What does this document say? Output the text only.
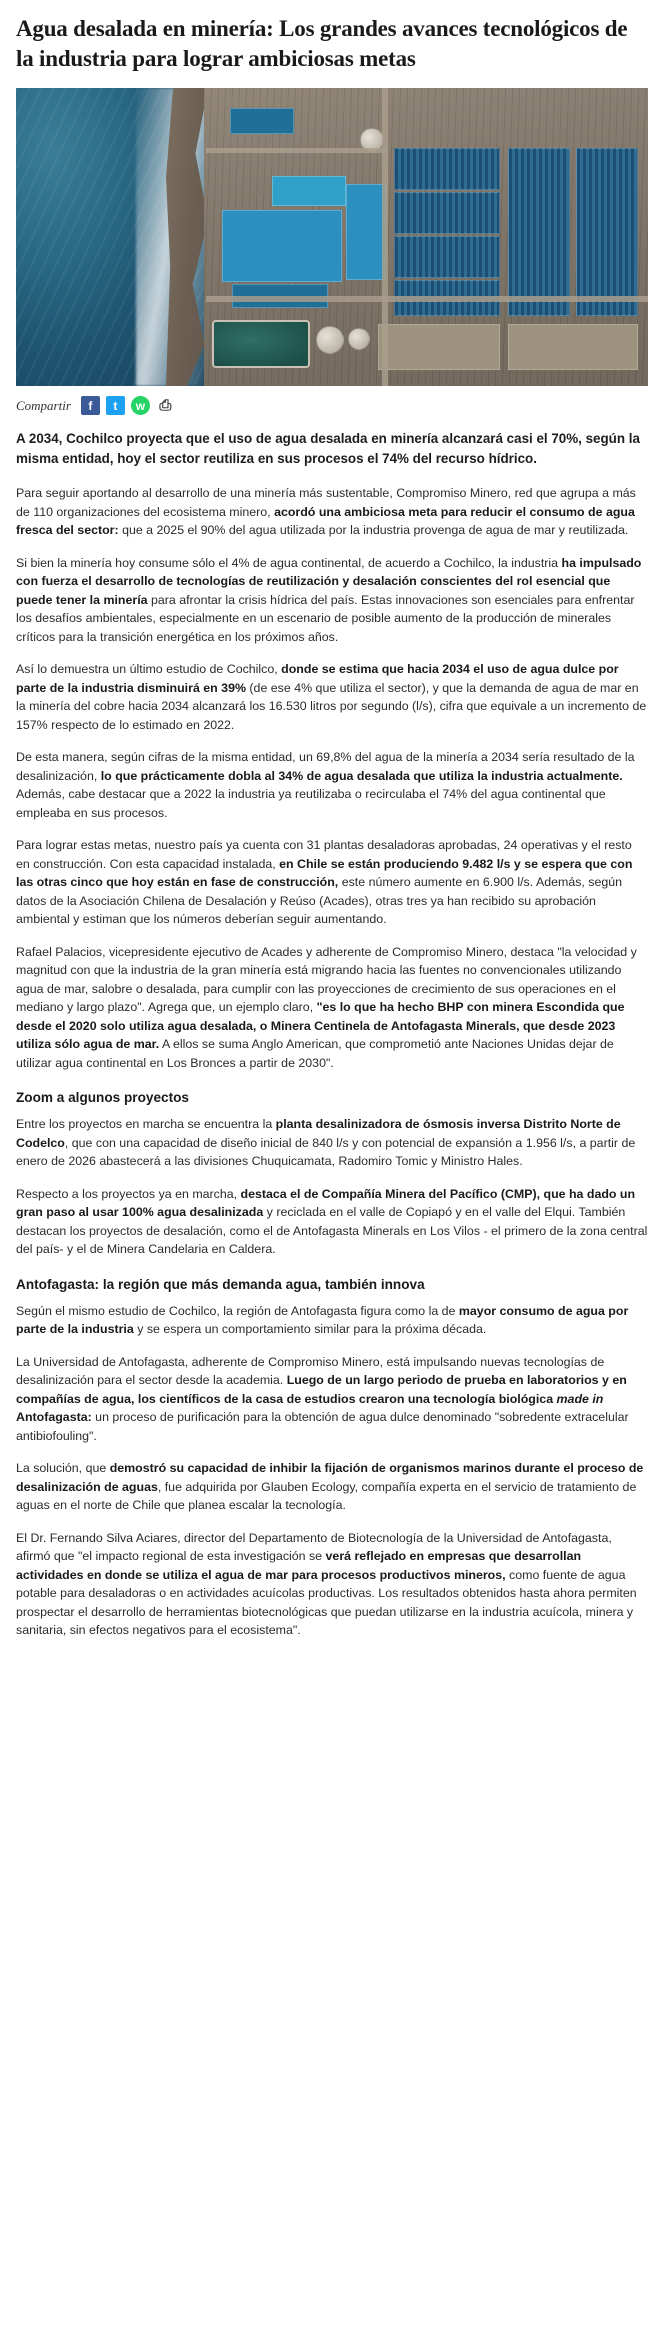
Agua desalada en minería: Los grandes avances tecnológicos de la industria para lograr ambiciosas metas
Compartir	f	t	w ⎙

A 2034, Cochilco proyecta que el uso de agua desalada en minería alcanzará casi el 70%, según la misma entidad, hoy el sector reutiliza en sus procesos el 74% del recurso hídrico.

Para seguir aportando al desarrollo de una minería más sustentable, Compromiso Minero, red que agrupa a más de 110 organizaciones del ecosistema minero, acordó una ambiciosa meta para reducir el consumo de agua fresca del sector: que a 2025 el 90% del agua utilizada por la industria provenga de agua de mar y reutilizada.

Si bien la minería hoy consume sólo el 4% de agua continental, de acuerdo a Cochilco, la industria ha impulsado con fuerza el desarrollo de tecnologías de reutilización y desalación conscientes del rol esencial que puede tener la minería para afrontar la crisis hídrica del país. Estas innovaciones son esenciales para enfrentar los desafíos ambientales, especialmente en un escenario de posible aumento de la producción de minerales críticos para la transición energética en los próximos años.

Así lo demuestra un último estudio de Cochilco, donde se estima que hacia 2034 el uso de agua dulce por parte de la industria disminuirá en 39% (de ese 4% que utiliza el sector), y que la demanda de agua de mar en la minería del cobre hacia 2034 alcanzará los 16.530 litros por segundo (l/s), cifra que equivale a un incremento de 157% respecto de lo estimado en 2022.

De esta manera, según cifras de la misma entidad, un 69,8% del agua de la minería a 2034 sería resultado de la desalinización, lo que prácticamente dobla al 34% de agua desalada que utiliza la industria actualmente. Además, cabe destacar que a 2022 la industria ya reutilizaba o recirculaba el 74% del agua continental que empleaba en sus procesos.

Para lograr estas metas, nuestro país ya cuenta con 31 plantas desaladoras aprobadas, 24 operativas y el resto en construcción. Con esta capacidad instalada, en Chile se están produciendo 9.482 l/s y se espera que con las otras cinco que hoy están en fase de construcción, este número aumente en 6.900 l/s. Además, según datos de la Asociación Chilena de Desalación y Reúso (Acades), otras tres ya han recibido su aprobación ambiental y estiman que los números deberían seguir aumentando.

Rafael Palacios, vicepresidente ejecutivo de Acades y adherente de Compromiso Minero, destaca "la velocidad y magnitud con que la industria de la gran minería está migrando hacia las fuentes no convencionales utilizando agua de mar, salobre o desalada, para cumplir con las proyecciones de crecimiento de sus operaciones en el mediano y largo plazo". Agrega que, un ejemplo claro, "es lo que ha hecho BHP con minera Escondida que desde el 2020 solo utiliza agua desalada, o Minera Centinela de Antofagasta Minerals, que desde 2023 utiliza sólo agua de mar. A ellos se suma Anglo American, que comprometió ante Naciones Unidas dejar de utilizar agua continental en Los Bronces a partir de 2030".

Zoom a algunos proyectos

Entre los proyectos en marcha se encuentra la planta desalinizadora de ósmosis inversa Distrito Norte de Codelco, que con una capacidad de diseño inicial de 840 l/s y con potencial de expansión a 1.956 l/s, a partir de enero de 2026 abastecerá a las divisiones Chuquicamata, Radomiro Tomic y Ministro Hales.

Respecto a los proyectos ya en marcha, destaca el de Compañía Minera del Pacífico (CMP), que ha dado un gran paso al usar 100% agua desalinizada y reciclada en el valle de Copiapó y en el valle del Elqui. También destacan los proyectos de desalación, como el de Antofagasta Minerals en Los Vilos - el primero de la zona central del país- y el de Minera Candelaria en Caldera.

Antofagasta: la región que más demanda agua, también innova

Según el mismo estudio de Cochilco, la región de Antofagasta figura como la de mayor consumo de agua por parte de la industria y se espera un comportamiento similar para la próxima década.

La Universidad de Antofagasta, adherente de Compromiso Minero, está impulsando nuevas tecnologías de desalinización para el sector desde la academia. Luego de un largo periodo de prueba en laboratorios y en compañías de agua, los científicos de la casa de estudios crearon una tecnología biológica made in Antofagasta: un proceso de purificación para la obtención de agua dulce denominado "sobredente extracelular antibiofouling".

La solución, que demostró su capacidad de inhibir la fijación de organismos marinos durante el proceso de desalinización de aguas, fue adquirida por Glauben Ecology, compañía experta en el servicio de tratamiento de aguas en el norte de Chile que planea escalar la tecnología.

El Dr. Fernando Silva Aciares, director del Departamento de Biotecnología de la Universidad de Antofagasta, afirmó que "el impacto regional de esta investigación se verá reflejado en empresas que desarrollan actividades en donde se utiliza el agua de mar para procesos productivos mineros, como fuente de agua potable para desaladoras o en actividades acuícolas productivas. Los resultados obtenidos hasta ahora permiten prospectar el desarrollo de herramientas biotecnológicas que puedan utilizarse en la industria acuícola, minera y sanitaria, sin efectos negativos para el ecosistema".
